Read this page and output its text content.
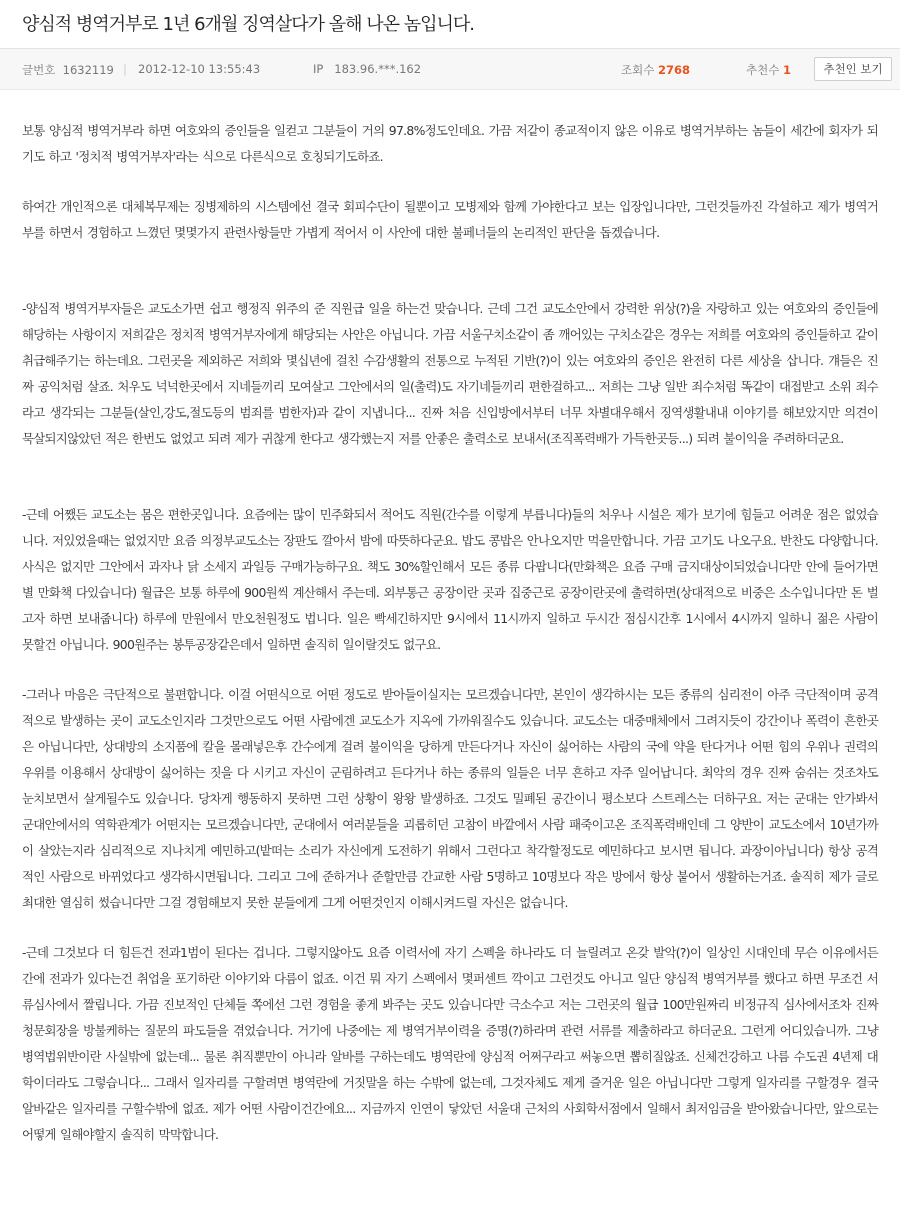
양심적 병역거부로 1년 6개월 징역살다가 올해 나온 놈입니다.
글번호 1632119 | 2012-12-10 13:55:43	IP 183.96.***.162	조회수 2768	추천수 1	추천인 보기

보통 양심적 병역거부라 하면 여호와의 증인들을 일컫고 그분들이 거의 97.8%정도인데요. 가끔 저같이 종교적이지 않은 이유로 병역거부하는 놈들이 세간에 회자가 되기도 하고 '정치적 병역거부자'라는 식으로 다른식으로 호칭되기도하죠.

하여간 개인적으론 대체복무제는 징병제하의 시스템에선 결국 회피수단이 될뿐이고 모병제와 함께 가야한다고 보는 입장입니다만, 그런것들까진 각설하고 제가 병역거부를 하면서 경험하고 느꼈던 몇몇가지 관련사항들만 가볍게 적어서 이 사안에 대한 불페너들의 논리적인 판단을 돕겠습니다.

-양심적 병역거부자들은 교도소가면 쉽고 행정직 위주의 준 직원급 일을 하는건 맞습니다. 근데 그건 교도소안에서 강력한 위상(?)을 자랑하고 있는 여호와의 증인들에 해당하는 사항이지 저희같은 정치적 병역거부자에게 해당되는 사안은 아닙니다. 가끔 서울구치소같이 좀 깨어있는 구치소같은 경우는 저희를 여호와의 증인들하고 같이 취급해주기는 하는데요. 그런곳을 제외하곤 저희와 몇십년에 걸친 수감생활의 전통으로 누적된 기반(?)이 있는 여호와의 증인은 완전히 다른 세상을 삽니다. 걔들은 진짜 공익처럼 살죠. 처우도 넉넉한곳에서 지네들끼리 모여살고 그안에서의 일(출력)도 자기네들끼리 편한걸하고... 저희는 그냥 일반 죄수처럼 똑같이 대접받고 소위 죄수라고 생각되는 그분들(살인,강도,절도등의 범죄를 범한자)과 같이 지냅니다... 진짜 처음 신입방에서부터 너무 차별대우해서 징역생활내내 이야기를 해보았지만 의견이 묵살되지않았던 적은 한번도 없었고 되려 제가 귀찮게 한다고 생각했는지 저를 안좋은 출력소로 보내서(조직폭력배가 가득한곳등...) 되려 불이익을 주려하더군요.

-근데 어쨌든 교도소는 몸은 편한곳입니다. 요즘에는 많이 민주화되서 적어도 직원(간수를 이렇게 부릅니다)들의 처우나 시설은 제가 보기에 힘들고 어려운 점은 없었습니다. 저있었을때는 없었지만 요즘 의정부교도소는 장판도 깔아서 밤에 따뜻하다군요. 밥도 콩밥은 안나오지만 먹을만합니다. 가끔 고기도 나오구요. 반찬도 다양합니다. 사식은 없지만 그안에서 과자나 닭 소세지 과일등 구매가능하구요. 책도 30%할인해서 모든 종류 다팝니다(만화책은 요즘 구매 금지대상이되었습니다만 안에 들어가면 별 만화책 다있습니다) 월급은 보통 하루에 900원씩 계산해서 주는데. 외부통근 공장이란 곳과 집중근로 공장이란곳에 출력하면(상대적으로 비중은 소수입니다만 돈 벌고자 하면 보내줍니다) 하루에 만원에서 만오천원정도 법니다. 일은 빡세긴하지만 9시에서 11시까지 일하고 두시간 점심시간후 1시에서 4시까지 일하니 젊은 사람이 못할건 아닙니다. 900원주는 봉투공장같은데서 일하면 솔직히 일이랄것도 없구요.

-그러나 마음은 극단적으로 불편합니다. 이걸 어떤식으로 어떤 정도로 받아들이실지는 모르겠습니다만, 본인이 생각하시는 모든 종류의 심리전이 아주 극단적이며 공격적으로 발생하는 곳이 교도소인지라 그것만으로도 어떤 사람에겐 교도소가 지옥에 가까워질수도 있습니다. 교도소는 대중매체에서 그려지듯이 강간이나 폭력이 흔한곳은 아닙니다만, 상대방의 소지품에 칼을 몰래넣은후 간수에게 걸려 불이익을 당하게 만든다거나 자신이 싫어하는 사람의 국에 약을 탄다거나 어떤 힘의 우위나 권력의 우위를 이용해서 상대방이 싫어하는 짓을 다 시키고 자신이 군림하려고 든다거나 하는 종류의 일들은 너무 흔하고 자주 일어납니다. 최악의 경우 진짜 숨쉬는 것조차도 눈치보면서 살게될수도 있습니다. 당차게 행동하지 못하면 그런 상황이 왕왕 발생하죠. 그것도 밀폐된 공간이니 평소보다 스트레스는 더하구요. 저는 군대는 안가봐서 군대안에서의 역학관계가 어떤지는 모르겠습니다만, 군대에서 여러분들을 괴롭히던 고참이 바깥에서 사람 패죽이고온 조직폭력배인데 그 양반이 교도소에서 10년가까이 살았는지라 심리적으로 지나치게 예민하고(밭떠는 소리가 자신에게 도전하기 위해서 그런다고 착각할정도로 예민하다고 보시면 됩니다. 과장이아닙니다) 항상 공격적인 사람으로 바뀌었다고 생각하시면됩니다. 그리고 그에 준하거나 준할만큼 간교한 사람 5명하고 10명보다 작은 방에서 항상 붙어서 생활하는거죠. 솔직히 제가 글로 최대한 열심히 썼습니다만 그걸 경험해보지 못한 분들에게 그게 어떤것인지 이해시켜드릴 자신은 없습니다.

-근데 그것보다 더 힘든건 전과1범이 된다는 겁니다. 그렇지않아도 요즘 이력서에 자기 스펙을 하나라도 더 늘릴려고 온갖 발악(?)이 일상인 시대인데 무슨 이유에서든간에 전과가 있다는건 취업을 포기하란 이야기와 다름이 없죠. 이건 뭐 자기 스펙에서 몇퍼센트 깍이고 그런것도 아니고 일단 양심적 병역거부를 했다고 하면 무조건 서류심사에서 짤립니다. 가끔 진보적인 단체들 쪽에선 그런 경험을 좋게 봐주는 곳도 있습니다만 극소수고 저는 그런곳의 월급 100만원짜리 비정규직 심사에서조차 진짜 청문회장을 방불케하는 질문의 파도들을 겪었습니다. 거기에 나중에는 제 병역거부이력을 증명(?)하라며 관련 서류를 제출하라고 하더군요. 그런게 어디있습니까. 그냥 병역법위반이란 사실밖에 없는데... 물론 취직뿐만이 아니라 알바를 구하는데도 병역란에 양심적 어쩌구라고 써놓으면 뽑히질않죠. 신체건강하고 나름 수도권 4년제 대학이더라도 그렇습니다... 그래서 일자리를 구할려면 병역란에 거짓말을 하는 수밖에 없는데, 그것자체도 제게 즐거운 일은 아닙니다만 그렇게 일자리를 구할경우 결국 알바같은 일자리를 구할수밖에 없죠. 제가 어떤 사람이건간에요... 지금까지 인연이 닿았던 서울대 근처의 사회학서점에서 일해서 최저임금을 받아왔습니다만, 앞으로는 어떻게 일해야할지 솔직히 막막합니다.
